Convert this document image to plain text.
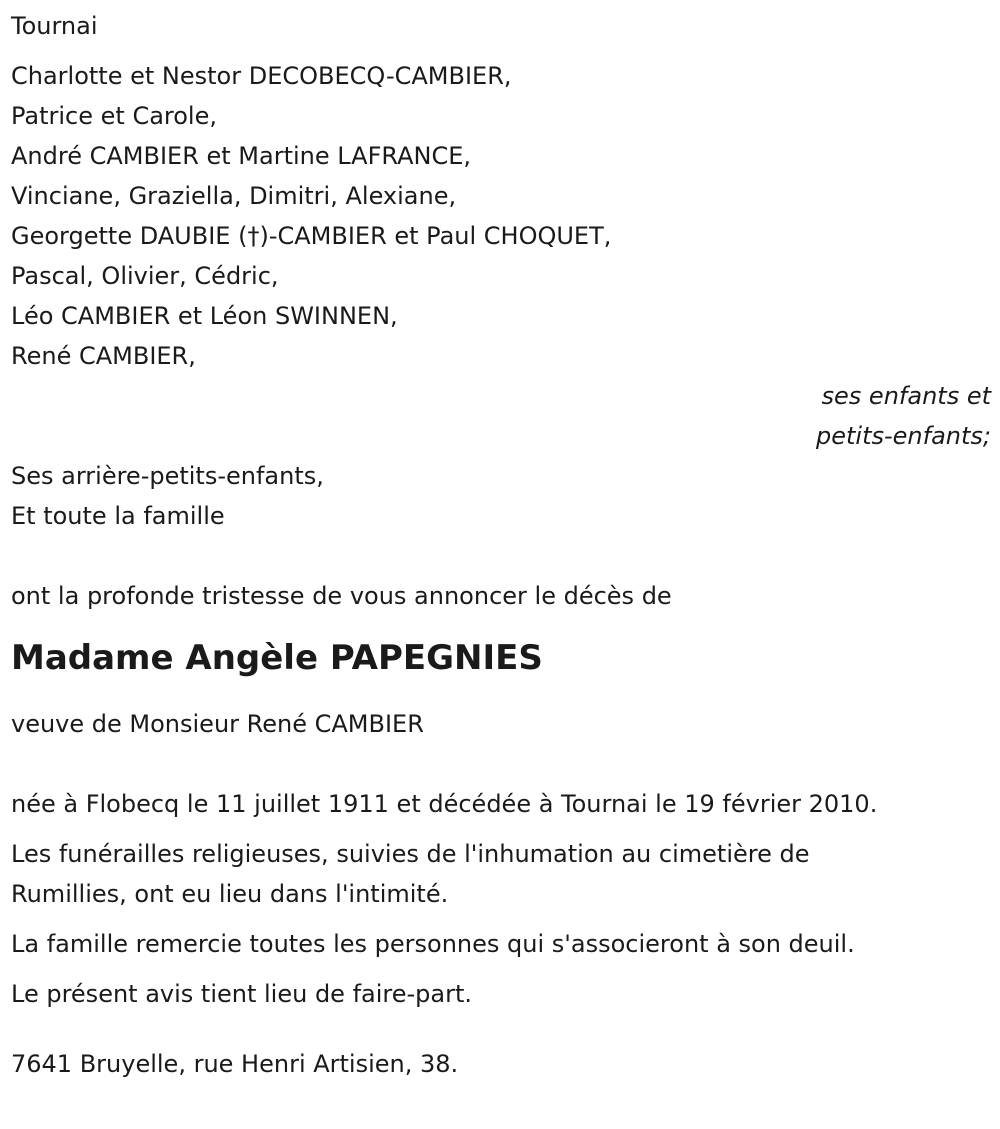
Tournai
Charlotte et Nestor DECOBECQ-CAMBIER,
Patrice et Carole,
André CAMBIER et Martine LAFRANCE,
Vinciane, Graziella, Dimitri, Alexiane,
Georgette DAUBIE (†)-CAMBIER et Paul CHOQUET,
Pascal, Olivier, Cédric,
Léo CAMBIER et Léon SWINNEN,
René CAMBIER,
ses enfants et
petits-enfants;
Ses arrière-petits-enfants,
Et toute la famille
ont la profonde tristesse de vous annoncer le décès de
Madame Angèle PAPEGNIES
veuve de Monsieur René CAMBIER
née à Flobecq le 11 juillet 1911 et décédée à Tournai le 19 février 2010.
Les funérailles religieuses, suivies de l'inhumation au cimetière de Rumillies, ont eu lieu dans l'intimité.
La famille remercie toutes les personnes qui s'associeront à son deuil.
Le présent avis tient lieu de faire-part.
7641 Bruyelle, rue Henri Artisien, 38.
